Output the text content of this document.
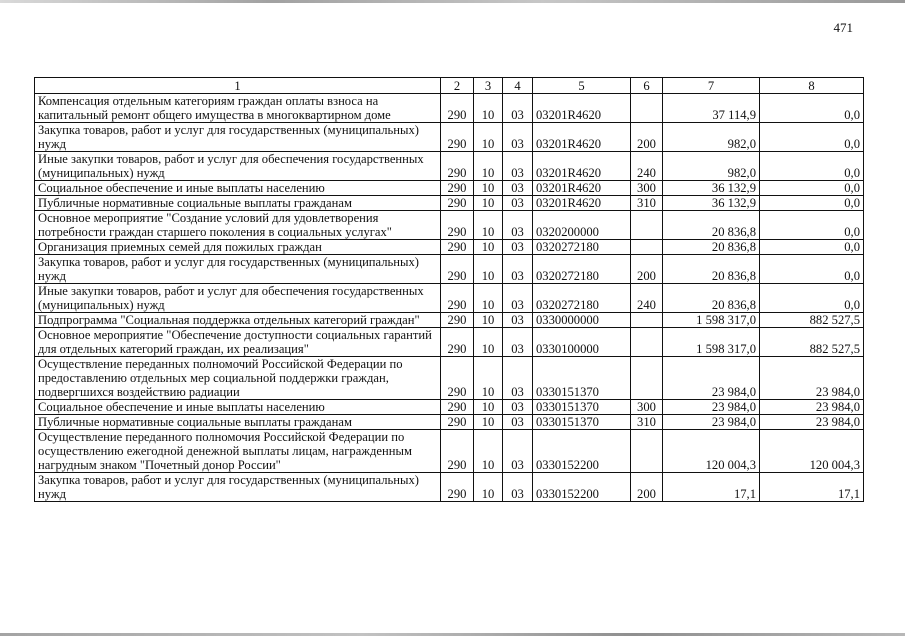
471
1	2	3	4	5	6	7	8
Компенсация отдельным категориям граждан оплаты взноса на капитальный ремонт общего имущества в многоквартирном доме	290	10	03	03201R4620		37 114,9	0,0
Закупка товаров, работ и услуг для государственных (муниципальных) нужд	290	10	03	03201R4620	200	982,0	0,0
Иные закупки товаров, работ и услуг для обеспечения государственных (муниципальных) нужд	290	10	03	03201R4620	240	982,0	0,0
Социальное обеспечение и иные выплаты населению	290	10	03	03201R4620	300	36 132,9	0,0
Публичные нормативные социальные выплаты гражданам	290	10	03	03201R4620	310	36 132,9	0,0
Основное мероприятие "Создание условий для удовлетворения потребности граждан старшего поколения в социальных услугах"	290	10	03	0320200000		20 836,8	0,0
Организация приемных семей для пожилых граждан	290	10	03	0320272180		20 836,8	0,0
Закупка товаров, работ и услуг для государственных (муниципальных) нужд	290	10	03	0320272180	200	20 836,8	0,0
Иные закупки товаров, работ и услуг для обеспечения государственных (муниципальных) нужд	290	10	03	0320272180	240	20 836,8	0,0
Подпрограмма "Социальная поддержка отдельных категорий граждан"	290	10	03	0330000000		1 598 317,0	882 527,5
Основное мероприятие "Обеспечение доступности социальных гарантий для отдельных категорий граждан, их реализация"	290	10	03	0330100000		1 598 317,0	882 527,5
Осуществление переданных полномочий Российской Федерации по предоставлению отдельных мер социальной поддержки граждан, подвергшихся воздействию радиации	290	10	03	0330151370		23 984,0	23 984,0
Социальное обеспечение и иные выплаты населению	290	10	03	0330151370	300	23 984,0	23 984,0
Публичные нормативные социальные выплаты гражданам	290	10	03	0330151370	310	23 984,0	23 984,0
Осуществление переданного полномочия Российской Федерации по осуществлению ежегодной денежной выплаты лицам, награжденным нагрудным знаком "Почетный донор России"	290	10	03	0330152200		120 004,3	120 004,3
Закупка товаров, работ и услуг для государственных (муниципальных) нужд	290	10	03	0330152200	200	17,1	17,1
